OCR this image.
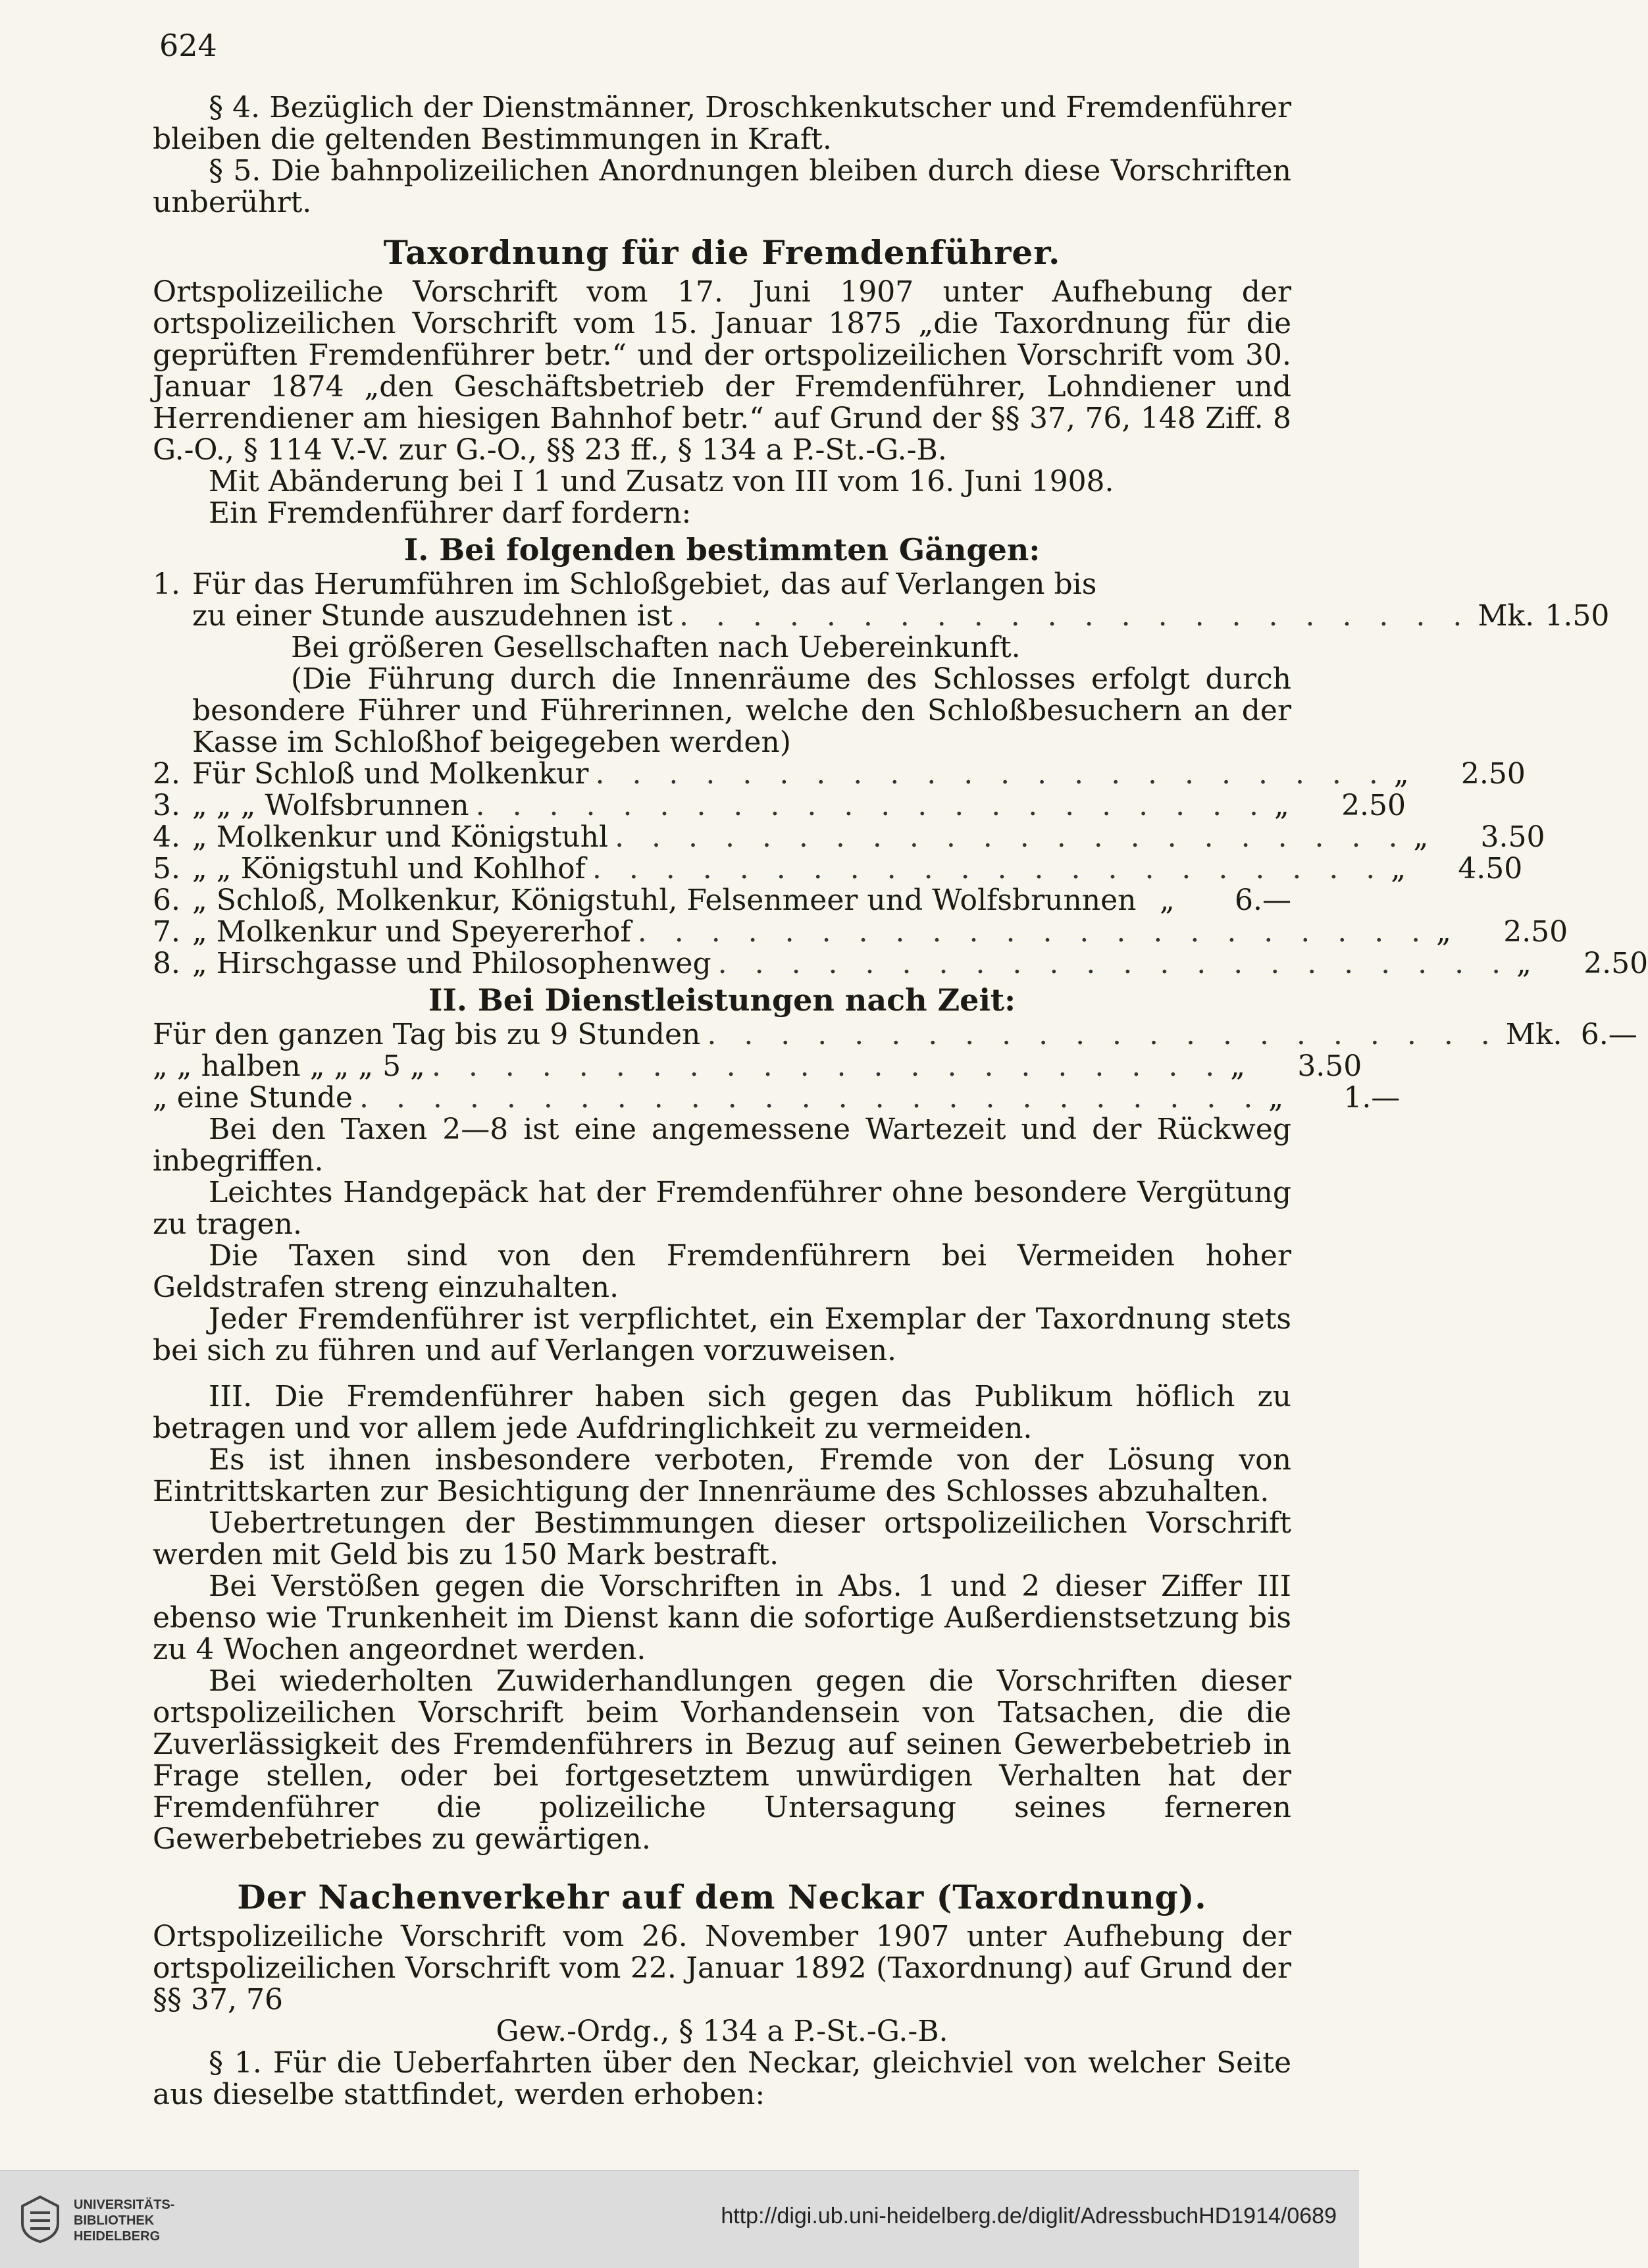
624

§ 4. Bezüglich der Dienstmänner, Droschkenkutscher und Fremdenführer bleiben die geltenden Bestimmungen in Kraft.

§ 5. Die bahnpolizeilichen Anordnungen bleiben durch diese Vorschriften unberührt.

Taxordnung für die Fremdenführer.

Ortspolizeiliche Vorschrift vom 17. Juni 1907 unter Aufhebung der ortspolizeilichen Vorschrift vom 15. Januar 1875 „die Taxordnung für die geprüften Fremdenführer betr.“ und der ortspolizeilichen Vorschrift vom 30. Januar 1874 „den Geschäftsbetrieb der Fremdenführer, Lohndiener und Herrendiener am hiesigen Bahnhof betr.“ auf Grund der §§ 37, 76, 148 Ziff. 8 G.-O., § 114 V.-V. zur G.-O., §§ 23 ff., § 134 a P.-St.-G.-B.

Mit Abänderung bei I 1 und Zusatz von III vom 16. Juni 1908.

Ein Fremdenführer darf fordern:

I. Bei folgenden bestimmten Gängen:
1. Für das Herumführen im Schloßgebiet, das auf Verlangen bis
zu einer Stunde auszudehnen ist . . . . . . . . . . . . . . . . . . . . . . Mk. 1.50

Bei größeren Gesellschaften nach Uebereinkunft.

(Die Führung durch die Innenräume des Schlosses erfolgt durch besondere Führer und Führerinnen, welche den Schloßbesuchern an der Kasse im Schloßhof beigegeben werden)

2. Für Schloß und Molkenkur . . . . . . . . . . . . . . . . . . . . . . „	2.50
3. „ „ „ Wolfsbrunnen . . . . . . . . . . . . . . . . . . . . . . „	2.50
4. „ Molkenkur und Königstuhl . . . . . . . . . . . . . . . . . . . . . . „	3.50
5. „ „ Königstuhl und Kohlhof . . . . . . . . . . . . . . . . . . . . . . „	4.50
6. „ Schloß, Molkenkur, Königstuhl, Felsenmeer und Wolfsbrunnen „	6.—
7. „ Molkenkur und Speyererhof . . . . . . . . . . . . . . . . . . . . . . „	2.50
8. „ Hirschgasse und Philosophenweg . . . . . . . . . . . . . . . . . . . . . . „	2.50
II. Bei Dienstleistungen nach Zeit:
Für den ganzen Tag bis zu 9 Stunden . . . . . . . . . . . . . . . . . . . . . . Mk. 6.—
„ „ halben „ „ „ 5 „ . . . . . . . . . . . . . . . . . . . . . . „	3.50
„ eine Stunde . . . . . . . . . . . . . . . . . . . . . . . . . „	1.—

Bei den Taxen 2—8 ist eine angemessene Wartezeit und der Rückweg inbegriffen.

Leichtes Handgepäck hat der Fremdenführer ohne besondere Vergütung zu tragen.

Die Taxen sind von den Fremdenführern bei Vermeiden hoher Geldstrafen streng einzuhalten.

Jeder Fremdenführer ist verpflichtet, ein Exemplar der Taxordnung stets bei sich zu führen und auf Verlangen vorzuweisen.

III. Die Fremdenführer haben sich gegen das Publikum höflich zu betragen und vor allem jede Aufdringlichkeit zu vermeiden.

Es ist ihnen insbesondere verboten, Fremde von der Lösung von Eintrittskarten zur Besichtigung der Innenräume des Schlosses abzuhalten.

Uebertretungen der Bestimmungen dieser ortspolizeilichen Vorschrift werden mit Geld bis zu 150 Mark bestraft.

Bei Verstößen gegen die Vorschriften in Abs. 1 und 2 dieser Ziffer III ebenso wie Trunkenheit im Dienst kann die sofortige Außerdienstsetzung bis zu 4 Wochen angeordnet werden.

Bei wiederholten Zuwiderhandlungen gegen die Vorschriften dieser ortspolizeilichen Vorschrift beim Vorhandensein von Tatsachen, die die Zuverlässigkeit des Fremdenführers in Bezug auf seinen Gewerbebetrieb in Frage stellen, oder bei fortgesetztem unwürdigen Verhalten hat der Fremdenführer die polizeiliche Untersagung seines ferneren Gewerbebetriebes zu gewärtigen.

Der Nachenverkehr auf dem Neckar (Taxordnung).

Ortspolizeiliche Vorschrift vom 26. November 1907 unter Aufhebung der ortspolizeilichen Vorschrift vom 22. Januar 1892 (Taxordnung) auf Grund der §§ 37, 76

Gew.-Ordg., § 134 a P.-St.-G.-B.

§ 1. Für die Ueberfahrten über den Neckar, gleichviel von welcher Seite aus dieselbe stattfindet, werden erhoben:

UNIVERSITÄTS-
BIBLIOTHEK
HEIDELBERG
http://digi.ub.uni-heidelberg.de/diglit/AdressbuchHD1914/0689
